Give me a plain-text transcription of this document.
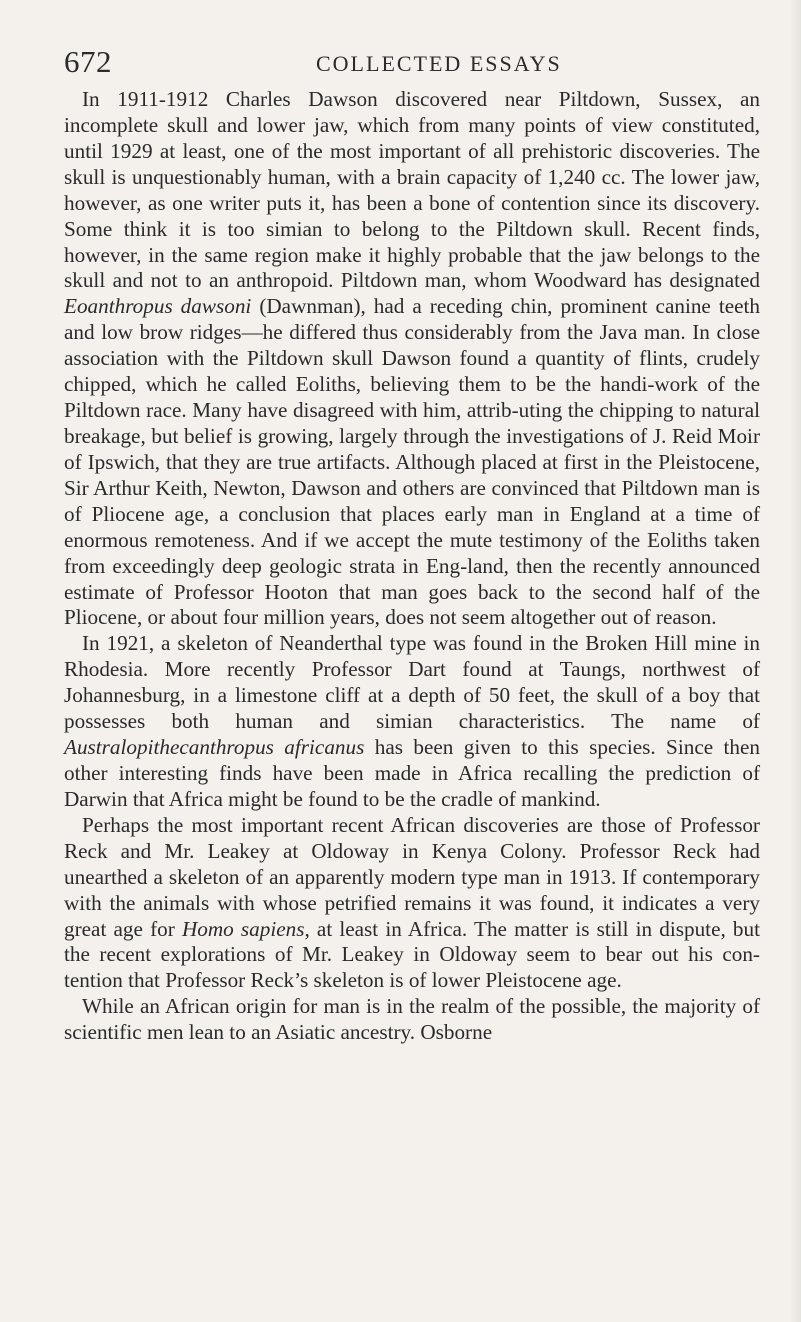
672	COLLECTED ESSAYS

In 1911-1912 Charles Dawson discovered near Piltdown, Sussex, an incomplete skull and lower jaw, which from many points of view constituted, until 1929 at least, one of the most important of all prehistoric discoveries. The skull is unquestionably human, with a brain capacity of 1,240 cc. The lower jaw, however, as one writer puts it, has been a bone of contention since its discovery. Some think it is too simian to belong to the Piltdown skull. Recent finds, however, in the same region make it highly probable that the jaw belongs to the skull and not to an anthropoid. Piltdown man, whom Woodward has designated Eoanthropus dawsoni (Dawnman), had a receding chin, prominent canine teeth and low brow ridges—he differed thus considerably from the Java man. In close association with the Piltdown skull Dawson found a quantity of flints, crudely chipped, which he called Eoliths, believing them to be the handi-work of the Piltdown race. Many have disagreed with him, attrib-uting the chipping to natural breakage, but belief is growing, largely through the investigations of J. Reid Moir of Ipswich, that they are true artifacts. Although placed at first in the Pleistocene, Sir Arthur Keith, Newton, Dawson and others are convinced that Piltdown man is of Pliocene age, a conclusion that places early man in England at a time of enormous remoteness. And if we accept the mute testimony of the Eoliths taken from exceedingly deep geologic strata in Eng-land, then the recently announced estimate of Professor Hooton that man goes back to the second half of the Pliocene, or about four million years, does not seem altogether out of reason.

In 1921, a skeleton of Neanderthal type was found in the Broken Hill mine in Rhodesia. More recently Professor Dart found at Taungs, northwest of Johannesburg, in a limestone cliff at a depth of 50 feet, the skull of a boy that possesses both human and simian characteristics. The name of Australopithecanthropus africanus has been given to this species. Since then other interesting finds have been made in Africa recalling the prediction of Darwin that Africa might be found to be the cradle of mankind.

Perhaps the most important recent African discoveries are those of Professor Reck and Mr. Leakey at Oldoway in Kenya Colony. Professor Reck had unearthed a skeleton of an apparently modern type man in 1913. If contemporary with the animals with whose petrified remains it was found, it indicates a very great age for Homo sapiens, at least in Africa. The matter is still in dispute, but the recent explorations of Mr. Leakey in Oldoway seem to bear out his con-tention that Professor Reck’s skeleton is of lower Pleistocene age.

While an African origin for man is in the realm of the possible, the majority of scientific men lean to an Asiatic ancestry. Osborne
